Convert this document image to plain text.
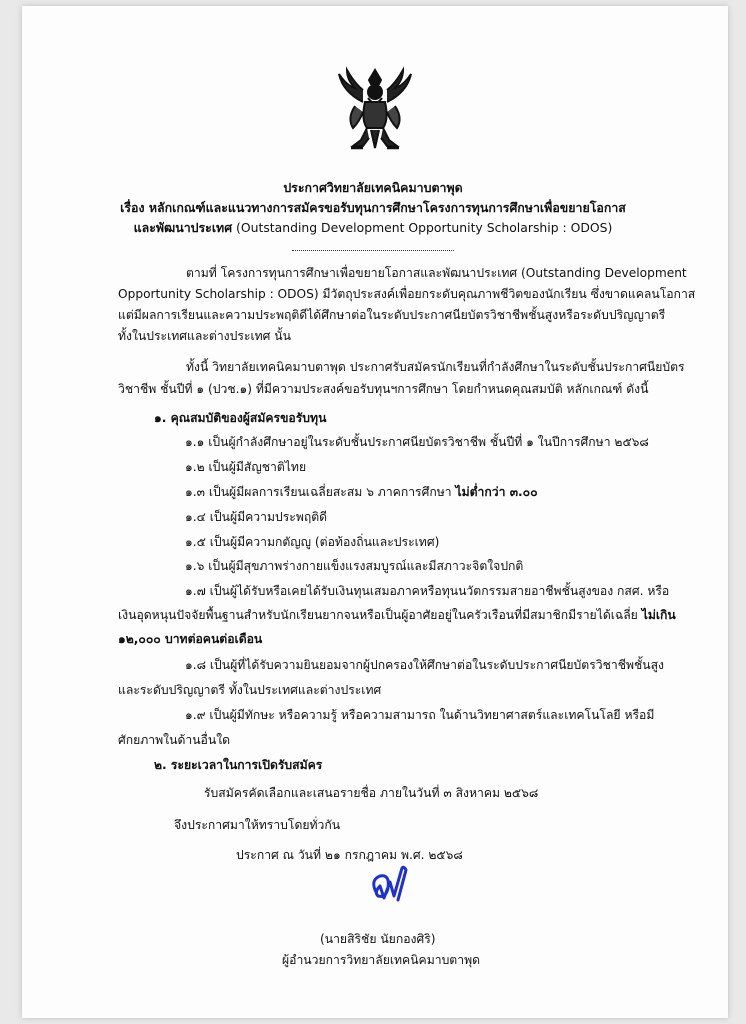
ประกาศวิทยาลัยเทคนิคมาบตาพุด
เรื่อง หลักเกณฑ์และแนวทางการสมัครขอรับทุนการศึกษาโครงการทุนการศึกษาเพื่อขยายโอกาส
และพัฒนาประเทศ (Outstanding Development Opportunity Scholarship : ODOS)
ตามที่ โครงการทุนการศึกษาเพื่อขยายโอกาสและพัฒนาประเทศ (Outstanding Development
Opportunity Scholarship : ODOS) มีวัตถุประสงค์เพื่อยกระดับคุณภาพชีวิตของนักเรียน ซึ่งขาดแคลนโอกาส
แต่มีผลการเรียนและความประพฤติดีได้ศึกษาต่อในระดับประกาศนียบัตรวิชาชีพชั้นสูงหรือระดับปริญญาตรี
ทั้งในประเทศและต่างประเทศ นั้น
ทั้งนี้ วิทยาลัยเทคนิคมาบตาพุด ประกาศรับสมัครนักเรียนที่กำลังศึกษาในระดับชั้นประกาศนียบัตร
วิชาชีพ ชั้นปีที่ ๑ (ปวช.๑) ที่มีความประสงค์ขอรับทุนฯการศึกษา โดยกำหนดคุณสมบัติ หลักเกณฑ์ ดังนี้
๑. คุณสมบัติของผู้สมัครขอรับทุน
๑.๑ เป็นผู้กำลังศึกษาอยู่ในระดับชั้นประกาศนียบัตรวิชาชีพ ชั้นปีที่ ๑ ในปีการศึกษา ๒๕๖๘
๑.๒ เป็นผู้มีสัญชาติไทย
๑.๓ เป็นผู้มีผลการเรียนเฉลี่ยสะสม ๖ ภาคการศึกษา ไม่ต่ำกว่า ๓.๐๐
๑.๔ เป็นผู้มีความประพฤติดี
๑.๕ เป็นผู้มีความกตัญญู (ต่อท้องถิ่นและประเทศ)
๑.๖ เป็นผู้มีสุขภาพร่างกายแข็งแรงสมบูรณ์และมีสภาวะจิตใจปกติ
๑.๗ เป็นผู้ได้รับหรือเคยได้รับเงินทุนเสมอภาคหรือทุนนวัตกรรมสายอาชีพชั้นสูงของ กสศ. หรือ
เงินอุดหนุนปัจจัยพื้นฐานสำหรับนักเรียนยากจนหรือเป็นผู้อาศัยอยู่ในครัวเรือนที่มีสมาชิกมีรายได้เฉลี่ย ไม่เกิน
๑๒,๐๐๐ บาทต่อคนต่อเดือน
๑.๘ เป็นผู้ที่ได้รับความยินยอมจากผู้ปกครองให้ศึกษาต่อในระดับประกาศนียบัตรวิชาชีพชั้นสูง
และระดับปริญญาตรี ทั้งในประเทศและต่างประเทศ
๑.๙ เป็นผู้มีทักษะ หรือความรู้ หรือความสามารถ ในด้านวิทยาศาสตร์และเทคโนโลยี หรือมี
ศักยภาพในด้านอื่นใด
๒. ระยะเวลาในการเปิดรับสมัคร
รับสมัครคัดเลือกและเสนอรายชื่อ ภายในวันที่ ๓ สิงหาคม ๒๕๖๘
จึงประกาศมาให้ทราบโดยทั่วกัน
ประกาศ ณ วันที่ ๒๑ กรกฎาคม พ.ศ. ๒๕๖๘
(นายสิริชัย นัยกองศิริ)
ผู้อำนวยการวิทยาลัยเทคนิคมาบตาพุด
